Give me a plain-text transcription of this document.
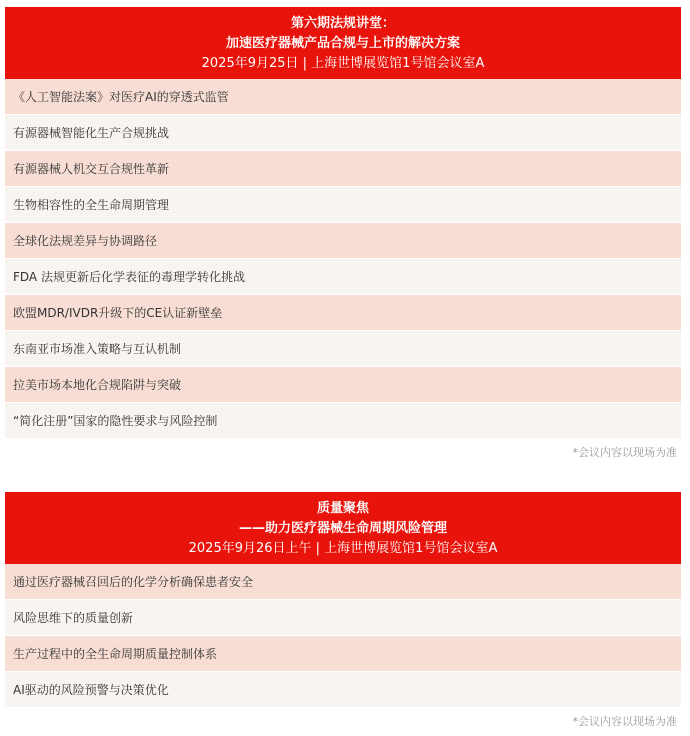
第六期法规讲堂：
加速医疗器械产品合规与上市的解决方案
2025年9月25日 | 上海世博展览馆1号馆会议室A
《人工智能法案》对医疗AI的穿透式监管
有源器械智能化生产合规挑战
有源器械人机交互合规性革新
生物相容性的全生命周期管理
全球化法规差异与协调路径
FDA 法规更新后化学表征的毒理学转化挑战
欧盟MDR/IVDR升级下的CE认证新壁垒
东南亚市场准入策略与互认机制
拉美市场本地化合规陷阱与突破
“简化注册”国家的隐性要求与风险控制
*会议内容以现场为准
质量聚焦
——助力医疗器械生命周期风险管理
2025年9月26日上午 | 上海世博展览馆1号馆会议室A
通过医疗器械召回后的化学分析确保患者安全
风险思维下的质量创新
生产过程中的全生命周期质量控制体系
AI驱动的风险预警与决策优化
*会议内容以现场为准
